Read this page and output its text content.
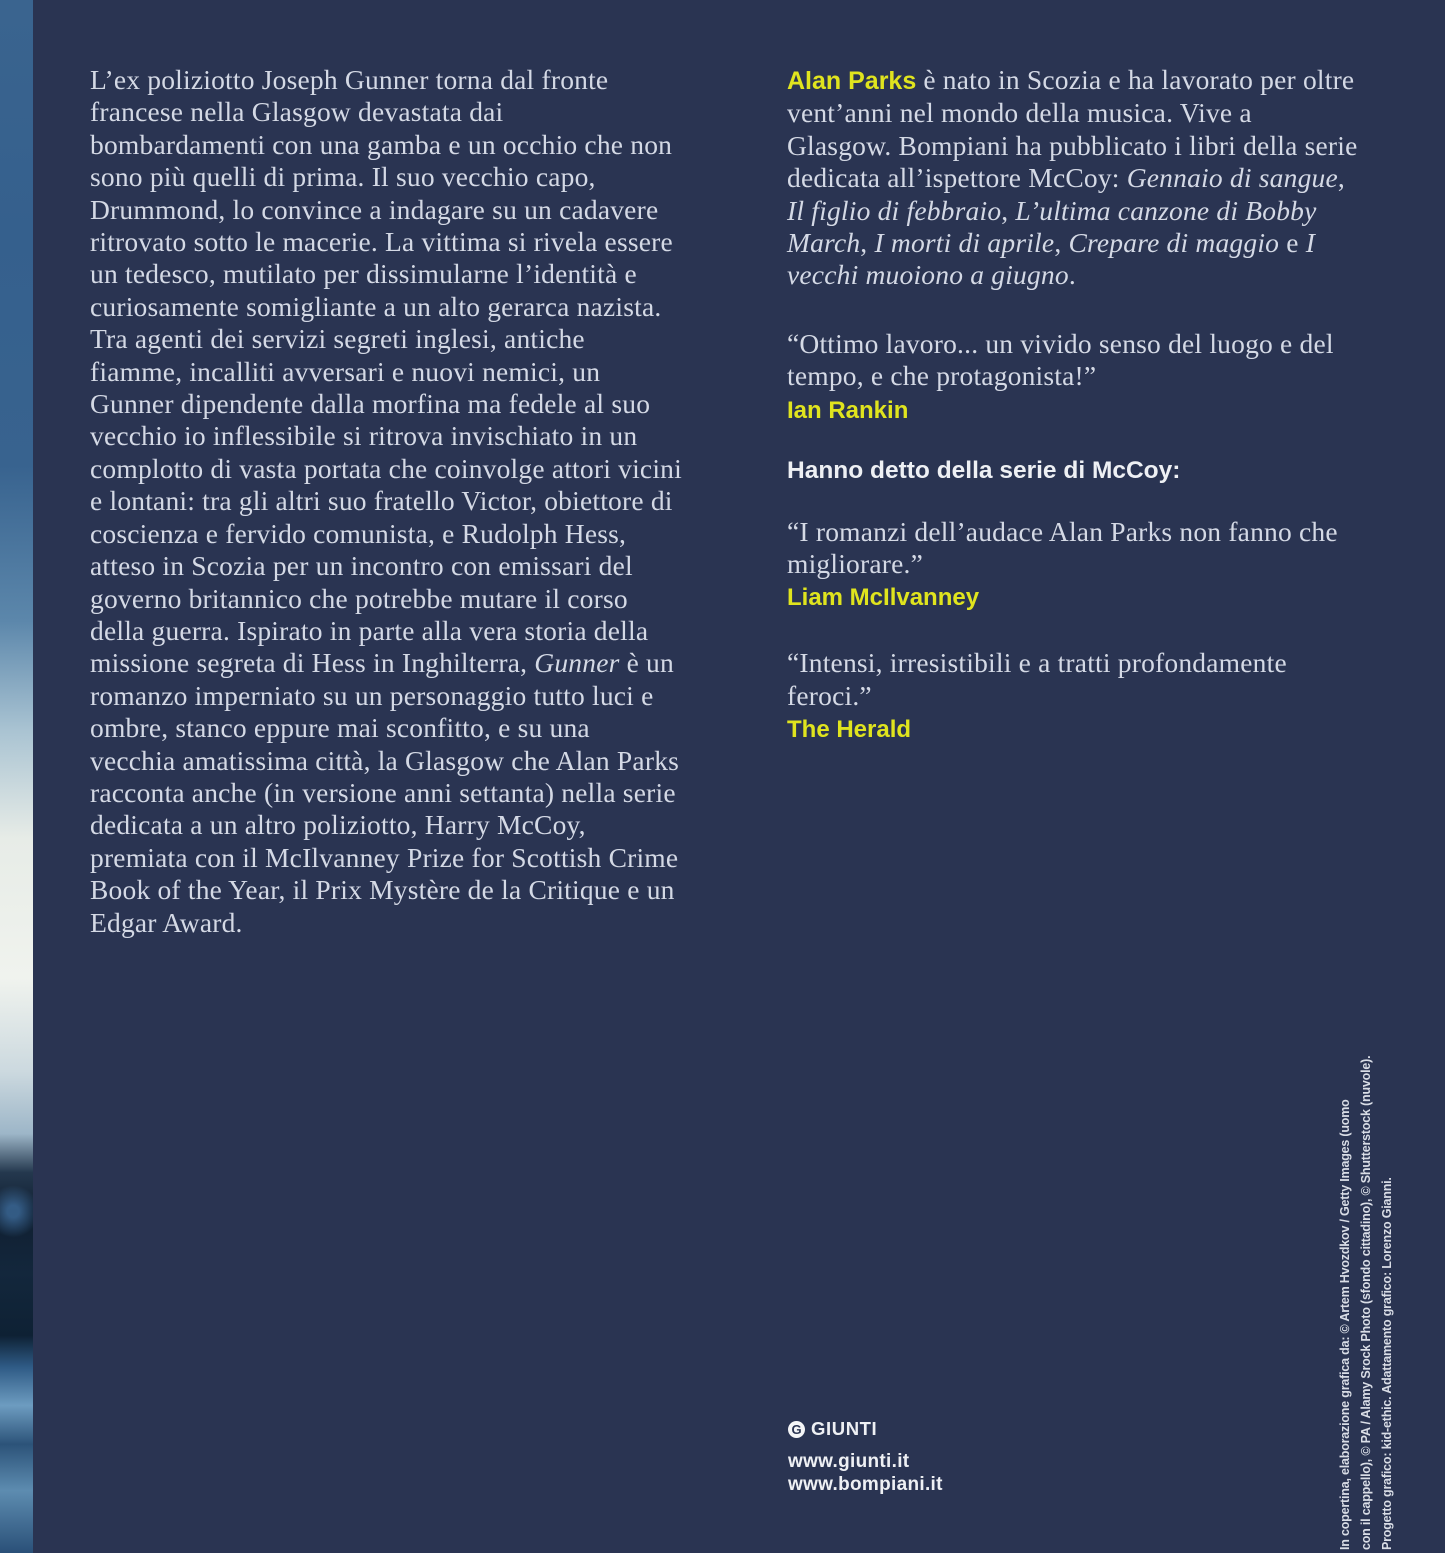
L’ex poliziotto Joseph Gunner torna dal fronte francese nella Glasgow devastata dai bombardamenti con una gamba e un occhio che non sono più quelli di prima. Il suo vecchio capo, Drummond, lo convince a indagare su un cadavere ritrovato sotto le macerie. La vittima si rivela essere un tedesco, mutilato per dissimularne l’identità e curiosamente somigliante a un alto gerarca nazista. Tra agenti dei servizi segreti inglesi, antiche fiamme, incalliti avversari e nuovi nemici, un Gunner dipendente dalla morfina ma fedele al suo vecchio io inflessibile si ritrova invischiato in un complotto di vasta portata che coinvolge attori vicini e lontani: tra gli altri suo fratello Victor, obiettore di coscienza e fervido comunista, e Rudolph Hess, atteso in Scozia per un incontro con emissari del governo britannico che potrebbe mutare il corso della guerra. Ispirato in parte alla vera storia della missione segreta di Hess in Inghilterra, Gunner è un romanzo imperniato su un personaggio tutto luci e ombre, stanco eppure mai sconfitto, e su una vecchia amatissima città, la Glasgow che Alan Parks racconta anche (in versione anni settanta) nella serie dedicata a un altro poliziotto, Harry McCoy, premiata con il McIlvanney Prize for Scottish Crime Book of the Year, il Prix Mystère de la Critique e un Edgar Award.

Alan Parks è nato in Scozia e ha lavorato per oltre vent’anni nel mondo della musica. Vive a Glasgow. Bompiani ha pubblicato i libri della serie dedicata all’ispettore McCoy: Gennaio di sangue, Il figlio di febbraio, L’ultima canzone di Bobby March, I morti di aprile, Crepare di maggio e I vecchi muoiono a giugno.

“Ottimo lavoro... un vivido senso del luogo e del tempo, e che protagonista!”

Ian Rankin

Hanno detto della serie di McCoy:

“I romanzi dell’audace Alan Parks non fanno che migliorare.”

Liam McIlvanney

“Intensi, irresistibili e a tratti profondamente feroci.”

The Herald

G GIUNTI

www.giunti.it

www.bompiani.it	In copertina, elaborazione grafica da: © Artem Hvozdkov / Getty Images (uomo con il cappello), © PA / Alamy Srock Photo (sfondo cittadino), © Shutterstock (nuvole). Progetto grafico: kid-ethic. Adattamento grafico: Lorenzo Gianni.
